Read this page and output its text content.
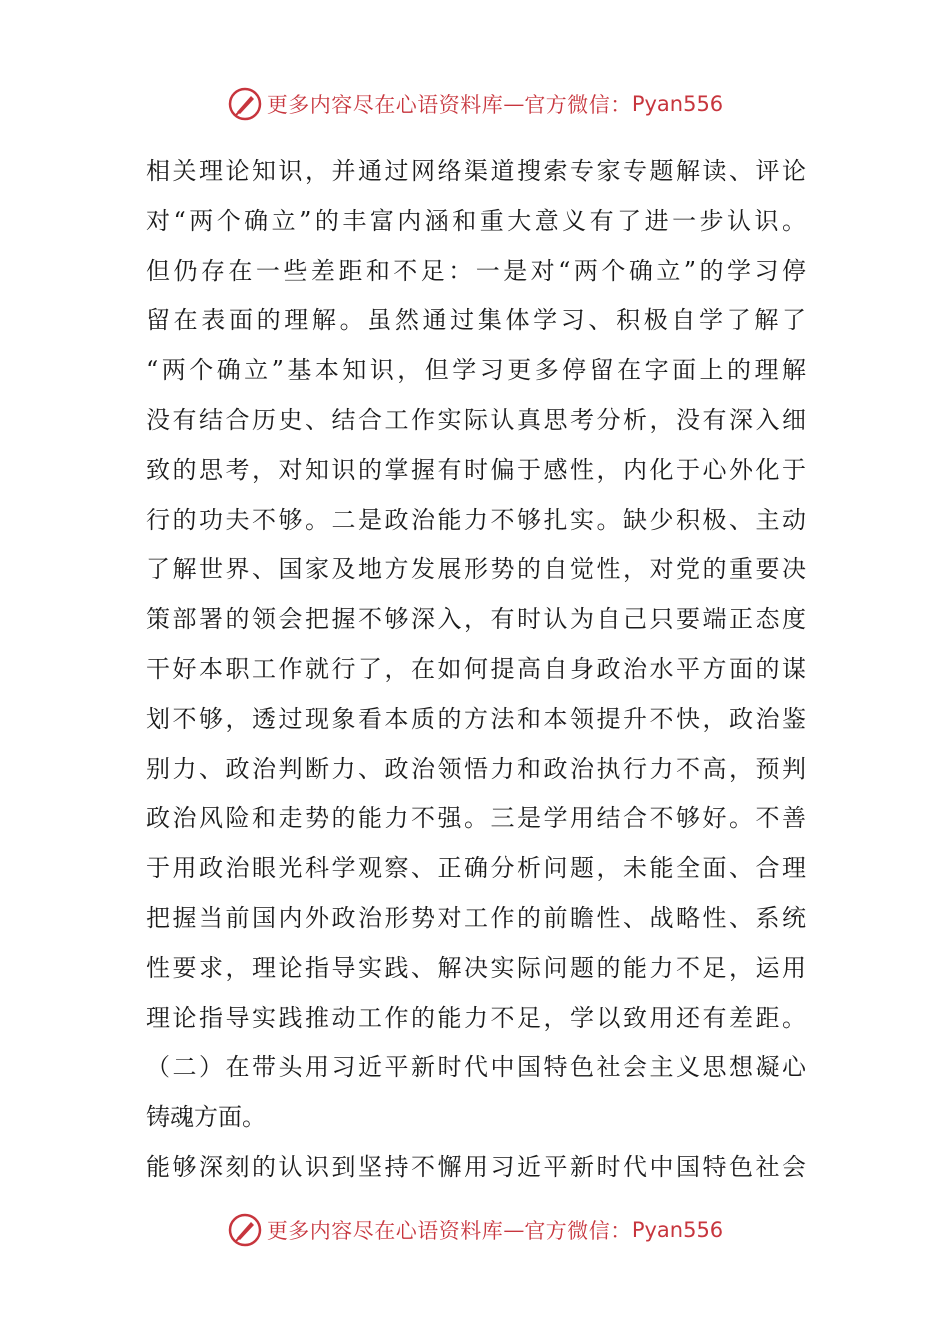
更多内容尽在心语资料库 — 官方微信： Pyan556
相关理论知识，并通过网络渠道搜索专家专题解读、评论
对“两个确立”的丰富内涵和重大意义有了进一步认识。
但仍存在一些差距和不足：一是对“两个确立”的学习停
留在表面的理解。虽然通过集体学习、积极自学了解了
“两个确立”基本知识，但学习更多停留在字面上的理解
没有结合历史、结合工作实际认真思考分析，没有深入细
致的思考，对知识的掌握有时偏于感性，内化于心外化于
行的功夫不够。二是政治能力不够扎实。缺少积极、主动
了解世界、国家及地方发展形势的自觉性，对党的重要决
策部署的领会把握不够深入，有时认为自己只要端正态度
干好本职工作就行了，在如何提高自身政治水平方面的谋
划不够，透过现象看本质的方法和本领提升不快，政治鉴
别力、政治判断力、政治领悟力和政治执行力不高，预判
政治风险和走势的能力不强。三是学用结合不够好。不善
于用政治眼光科学观察、正确分析问题，未能全面、合理
把握当前国内外政治形势对工作的前瞻性、战略性、系统
性要求，理论指导实践、解决实际问题的能力不足，运用
理论指导实践推动工作的能力不足，学以致用还有差距。
（二）在带头用习近平新时代中国特色社会主义思想凝心
铸魂方面。
能够深刻的认识到坚持不懈用习近平新时代中国特色社会
更多内容尽在心语资料库 — 官方微信： Pyan556
